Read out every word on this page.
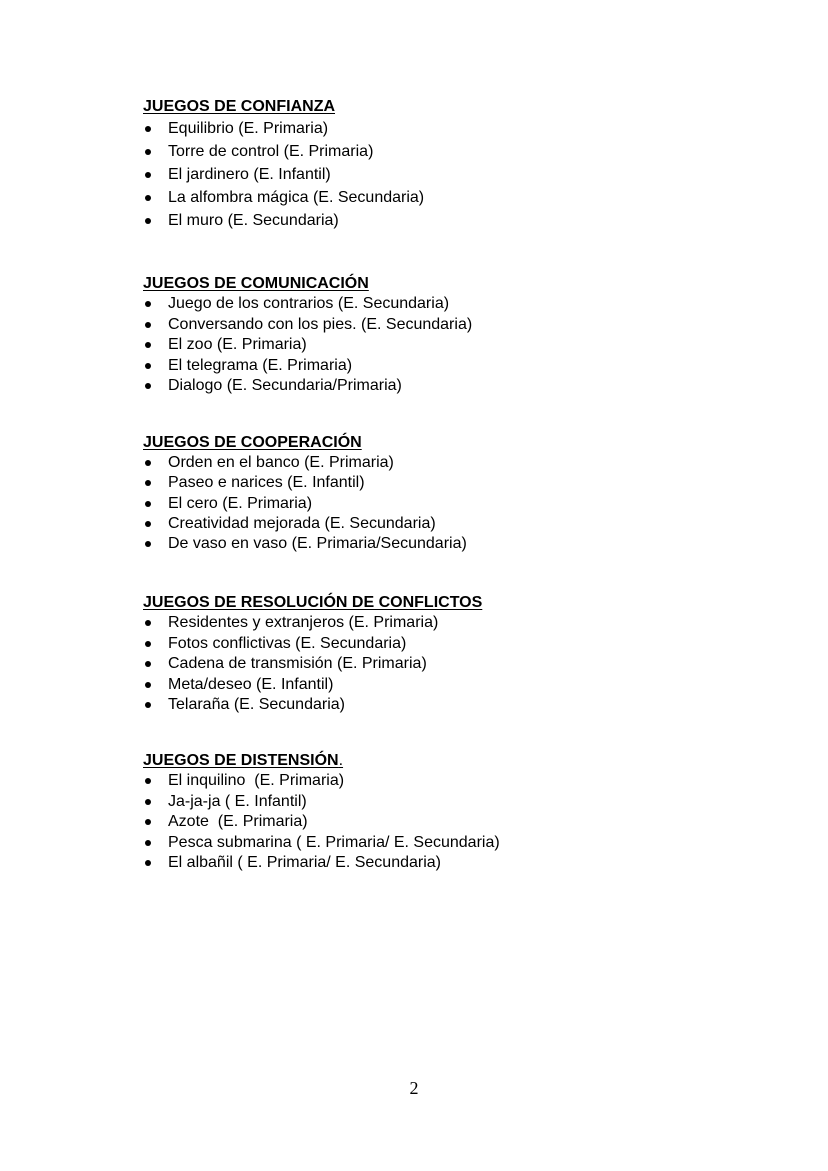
JUEGOS DE CONFIANZA
Equilibrio (E. Primaria)
Torre de control (E. Primaria)
El jardinero (E. Infantil)
La alfombra mágica (E. Secundaria)
El muro (E. Secundaria)
JUEGOS DE COMUNICACIÓN
Juego de los contrarios (E. Secundaria)
Conversando con los pies. (E. Secundaria)
El zoo (E. Primaria)
El telegrama (E. Primaria)
Dialogo (E. Secundaria/Primaria)
JUEGOS DE COOPERACIÓN
Orden en el banco (E. Primaria)
Paseo e narices (E. Infantil)
El cero (E. Primaria)
Creatividad mejorada (E. Secundaria)
De vaso en vaso (E. Primaria/Secundaria)
JUEGOS DE RESOLUCIÓN DE CONFLICTOS
Residentes y extranjeros (E. Primaria)
Fotos conflictivas (E. Secundaria)
Cadena de transmisión (E. Primaria)
Meta/deseo (E. Infantil)
Telaraña (E. Secundaria)
JUEGOS DE DISTENSIÓN.
El inquilino  (E. Primaria)
Ja-ja-ja ( E. Infantil)
Azote  (E. Primaria)
Pesca submarina ( E. Primaria/ E. Secundaria)
El albañil ( E. Primaria/ E. Secundaria)
2
